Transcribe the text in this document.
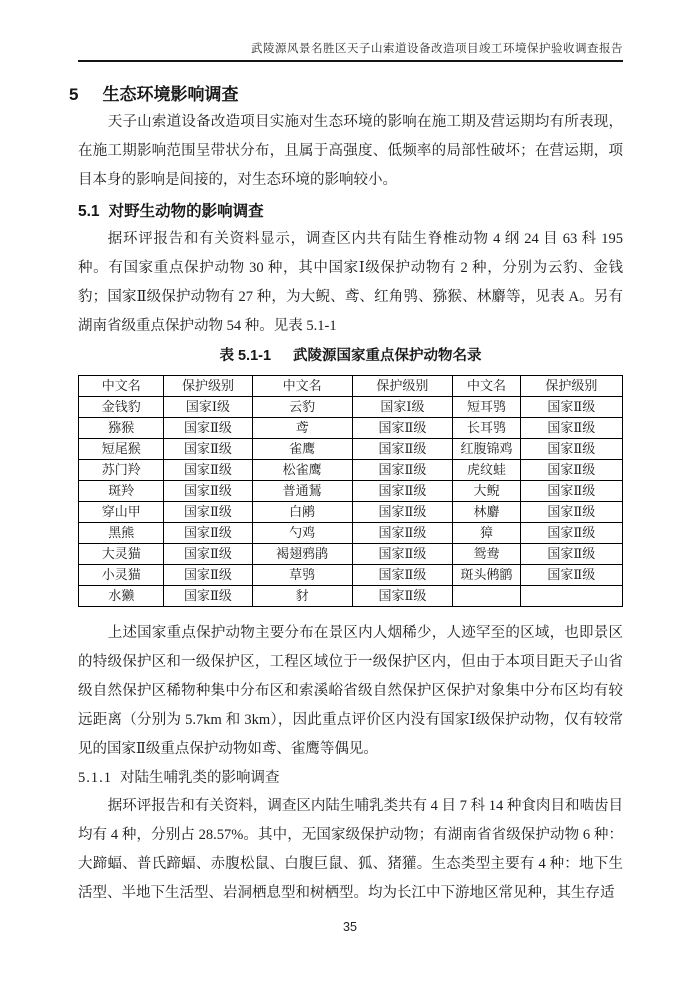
武陵源风景名胜区天子山索道设备改造项目竣工环境保护验收调查报告
5 生态环境影响调查

天子山索道设备改造项目实施对生态环境的影响在施工期及营运期均有所表现，在施工期影响范围呈带状分布，且属于高强度、低频率的局部性破坏；在营运期，项目本身的影响是间接的，对生态环境的影响较小。

5.1 对野生动物的影响调查

据环评报告和有关资料显示，调查区内共有陆生脊椎动物 4 纲 24 目 63 科 195 种。有国家重点保护动物 30 种，其中国家Ⅰ级保护动物有 2 种，分别为云豹、金钱豹；国家Ⅱ级保护动物有 27 种，为大鲵、鸢、红角鸮、猕猴、林麝等，见表 A。另有湖南省级重点保护动物 54 种。见表 5.1-1

表 5.1-1 武陵源国家重点保护动物名录
中文名	保护级别	中文名	保护级别	中文名	保护级别
金钱豹	国家Ⅰ级	云豹	国家Ⅰ级	短耳鸮	国家Ⅱ级
猕猴	国家Ⅱ级	鸢	国家Ⅱ级	长耳鸮	国家Ⅱ级
短尾猴	国家Ⅱ级	雀鹰	国家Ⅱ级	红腹锦鸡	国家Ⅱ级
苏门羚	国家Ⅱ级	松雀鹰	国家Ⅱ级	虎纹蛙	国家Ⅱ级
斑羚	国家Ⅱ级	普通鵟	国家Ⅱ级	大鲵	国家Ⅱ级
穿山甲	国家Ⅱ级	白鹇	国家Ⅱ级	林麝	国家Ⅱ级
黑熊	国家Ⅱ级	勺鸡	国家Ⅱ级	獐	国家Ⅱ级
大灵猫	国家Ⅱ级	褐翅鸦鹃	国家Ⅱ级	鸳鸯	国家Ⅱ级
小灵猫	国家Ⅱ级	草鸮	国家Ⅱ级	斑头鸺鹠	国家Ⅱ级
水獭	国家Ⅱ级	豺	国家Ⅱ级		

上述国家重点保护动物主要分布在景区内人烟稀少，人迹罕至的区域，也即景区的特级保护区和一级保护区，工程区域位于一级保护区内，但由于本项目距天子山省级自然保护区稀物种集中分布区和索溪峪省级自然保护区保护对象集中分布区均有较远距离（分别为 5.7km 和 3km），因此重点评价区内没有国家Ⅰ级保护动物，仅有较常见的国家Ⅱ级重点保护动物如鸢、雀鹰等偶见。

5.1.1 对陆生哺乳类的影响调查

据环评报告和有关资料，调查区内陆生哺乳类共有 4 目 7 科 14 种食肉目和啮齿目均有 4 种，分别占 28.57%。其中，无国家级保护动物；有湖南省省级保护动物 6 种：大蹄蝠、普氏蹄蝠、赤腹松鼠、白腹巨鼠、狐、猪獾。生态类型主要有 4 种：地下生活型、半地下生活型、岩洞栖息型和树栖型。均为长江中下游地区常见种，其生存适

35
